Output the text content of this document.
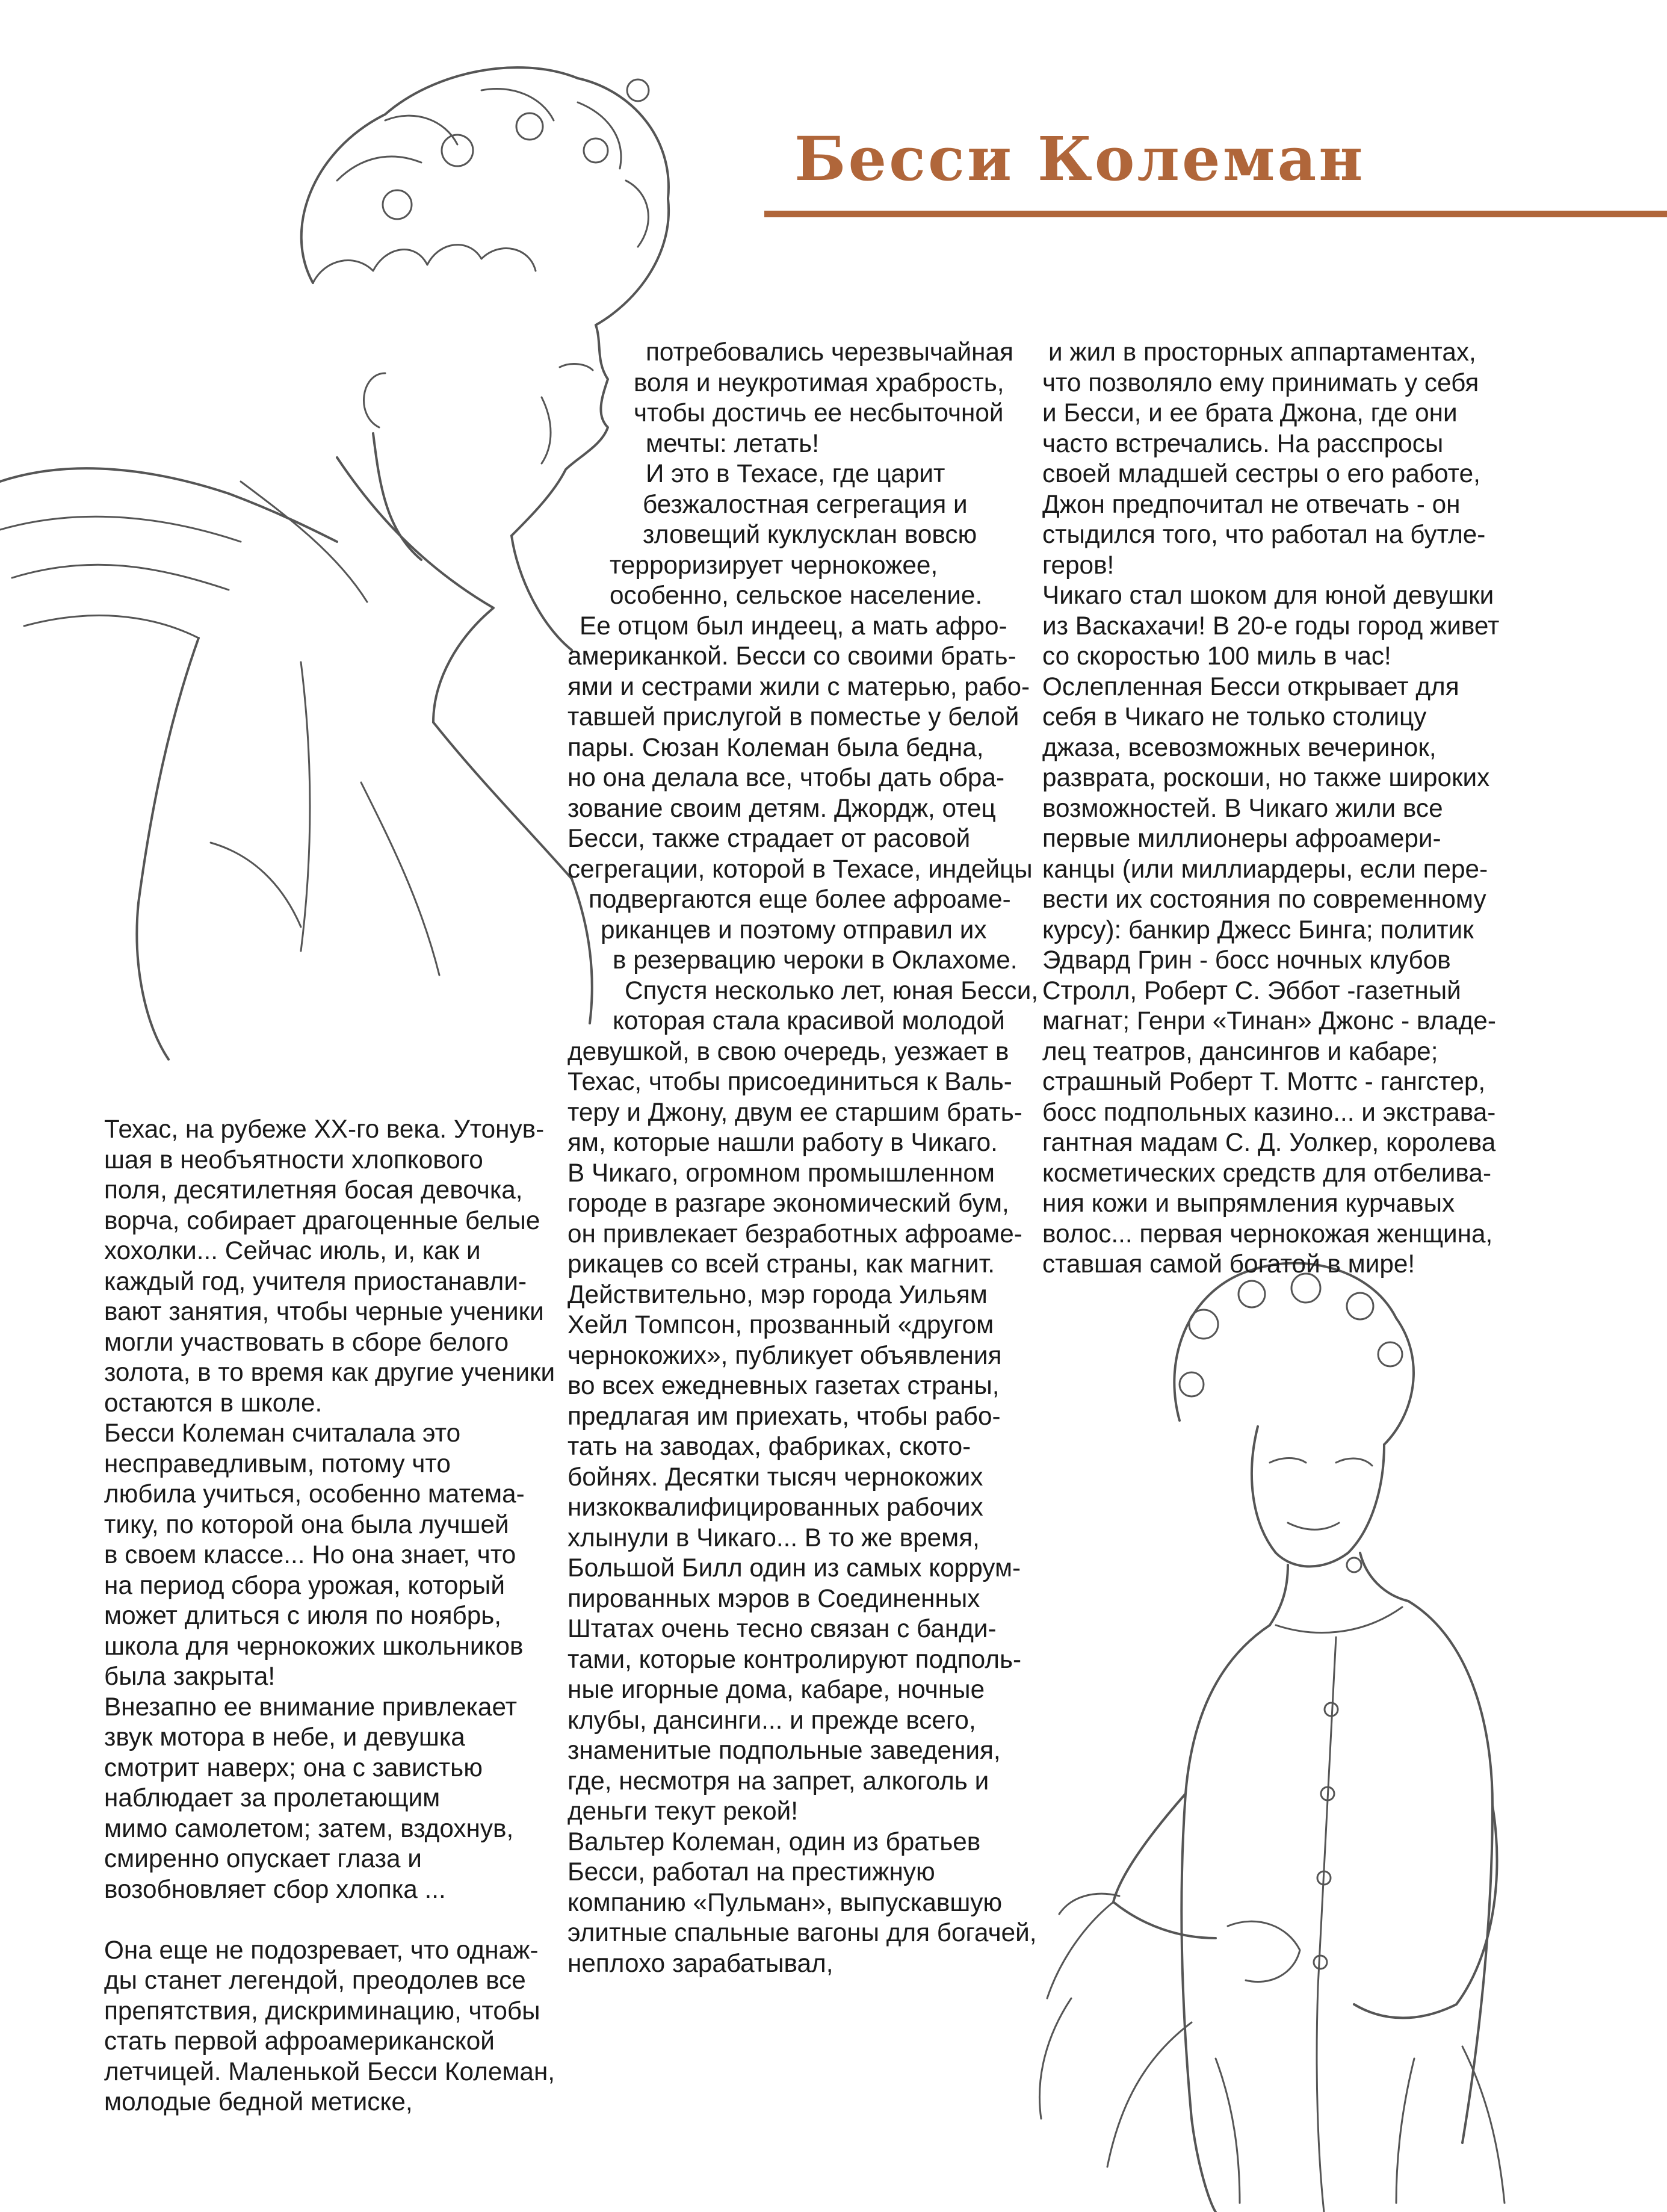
Бесси Колеман
Техас, на рубеже ХХ-го века. Утонув-
шая в необъятности хлопкового
поля, десятилетняя босая девочка,
ворча, собирает драгоценные белые
хохолки... Сейчас июль, и, как и
каждый год, учителя приостанавли-
вают занятия, чтобы черные ученики
могли участвовать в сборе белого
золота, в то время как другие ученики
остаются в школе.
Бесси Колеман считалала это
несправедливым, потому что
любила учиться, особенно матема-
тику, по которой она была лучшей
в своем классе... Но она знает, что
на период сбора урожая, который
может длиться с июля по ноябрь,
школа для чернокожих школьников
была закрыта!
Внезапно ее внимание привлекает
звук мотора в небе, и девушка
смотрит наверх; она с завистью
наблюдает за пролетающим
мимо самолетом; затем, вздохнув,
смиренно опускает глаза и
возобновляет сбор хлопка ...
Она еще не подозревает, что однаж-
ды станет легендой, преодолев все
препятствия, дискриминацию, чтобы
стать первой афроамериканской
летчицей. Маленькой Бесси Колеман,
молодые бедной метиске,
потребовались черезвычайная
воля и неукротимая храбрость,
чтобы достичь ее несбыточной
мечты: летать!
И это в Техасе, где царит
безжалостная сегрегация и
зловещий куклусклан вовсю
терроризирует чернокожее,
особенно, сельское население.
Ее отцом был индеец, а мать афро-
американкой. Бесси со своими брать-
ями и сестрами жили с матерью, рабо-
тавшей прислугой в поместье у белой
пары. Сюзан Колеман была бедна,
но она делала все, чтобы дать обра-
зование своим детям. Джордж, отец
Бесси, также страдает от расовой
сегрегации, которой в Техасе, индейцы
подвергаются еще более афроаме-
риканцев и поэтому отправил их
в резервацию чероки в Оклахоме.
Спустя несколько лет, юная Бесси,
которая стала красивой молодой
девушкой, в свою очередь, уезжает в
Техас, чтобы присоединиться к Валь-
теру и Джону, двум ее старшим брать-
ям, которые нашли работу в Чикаго.
В Чикаго, огромном промышленном
городе в разгаре экономический бум,
он привлекает безработных афроаме-
рикацев со всей страны, как магнит.
Действительно, мэр города Уильям
Хейл Томпсон, прозванный «другом
чернокожих», публикует объявления
во всех ежедневных газетах страны,
предлагая им приехать, чтобы рабо-
тать на заводах, фабриках, ското-
бойнях. Десятки тысяч чернокожих
низкоквалифицированных рабочих
хлынули в Чикаго... В то же время,
Большой Билл один из самых коррум-
пированных мэров в Соединенных
Штатах очень тесно связан с банди-
тами, которые контролируют подполь-
ные игорные дома, кабаре, ночные
клубы, дансинги... и прежде всего,
знаменитые подпольные заведения,
где, несмотря на запрет, алкоголь и
деньги текут рекой!
Вальтер Колеман, один из братьев
Бесси, работал на престижную
компанию «Пульман», выпускавшую
элитные спальные вагоны для богачей,
неплохо зарабатывал,
и жил в просторных аппартаментах,
что позволяло ему принимать у себя
и Бесси, и ее брата Джона, где они
часто встречались. На расспросы
своей младшей сестры о его работе,
Джон предпочитал не отвечать - он
стыдился того, что работал на бутле-
геров!
Чикаго стал шоком для юной девушки
из Васкахачи! В 20-е годы город живет
со скоростью 100 миль в час!
Ослепленная Бесси открывает для
себя в Чикаго не только столицу
джаза, всевозможных вечеринок,
разврата, роскоши, но также широких
возможностей. В Чикаго жили все
первые миллионеры афроамери-
канцы (или миллиардеры, если пере-
вести их состояния по современному
курсу): банкир Джесс Бинга; политик
Эдвард Грин - босс ночных клубов
Стролл, Роберт С. Эббот -газетный
магнат; Генри «Тинан» Джонс - владе-
лец театров, дансингов и кабаре;
страшный Роберт Т. Моттс - гангстер,
босс подпольных казино... и экстрава-
гантная мадам С. Д. Уолкер, королева
косметических средств для отбелива-
ния кожи и выпрямления курчавых
волос... первая чернокожая женщина,
ставшая самой богатой в мире!
